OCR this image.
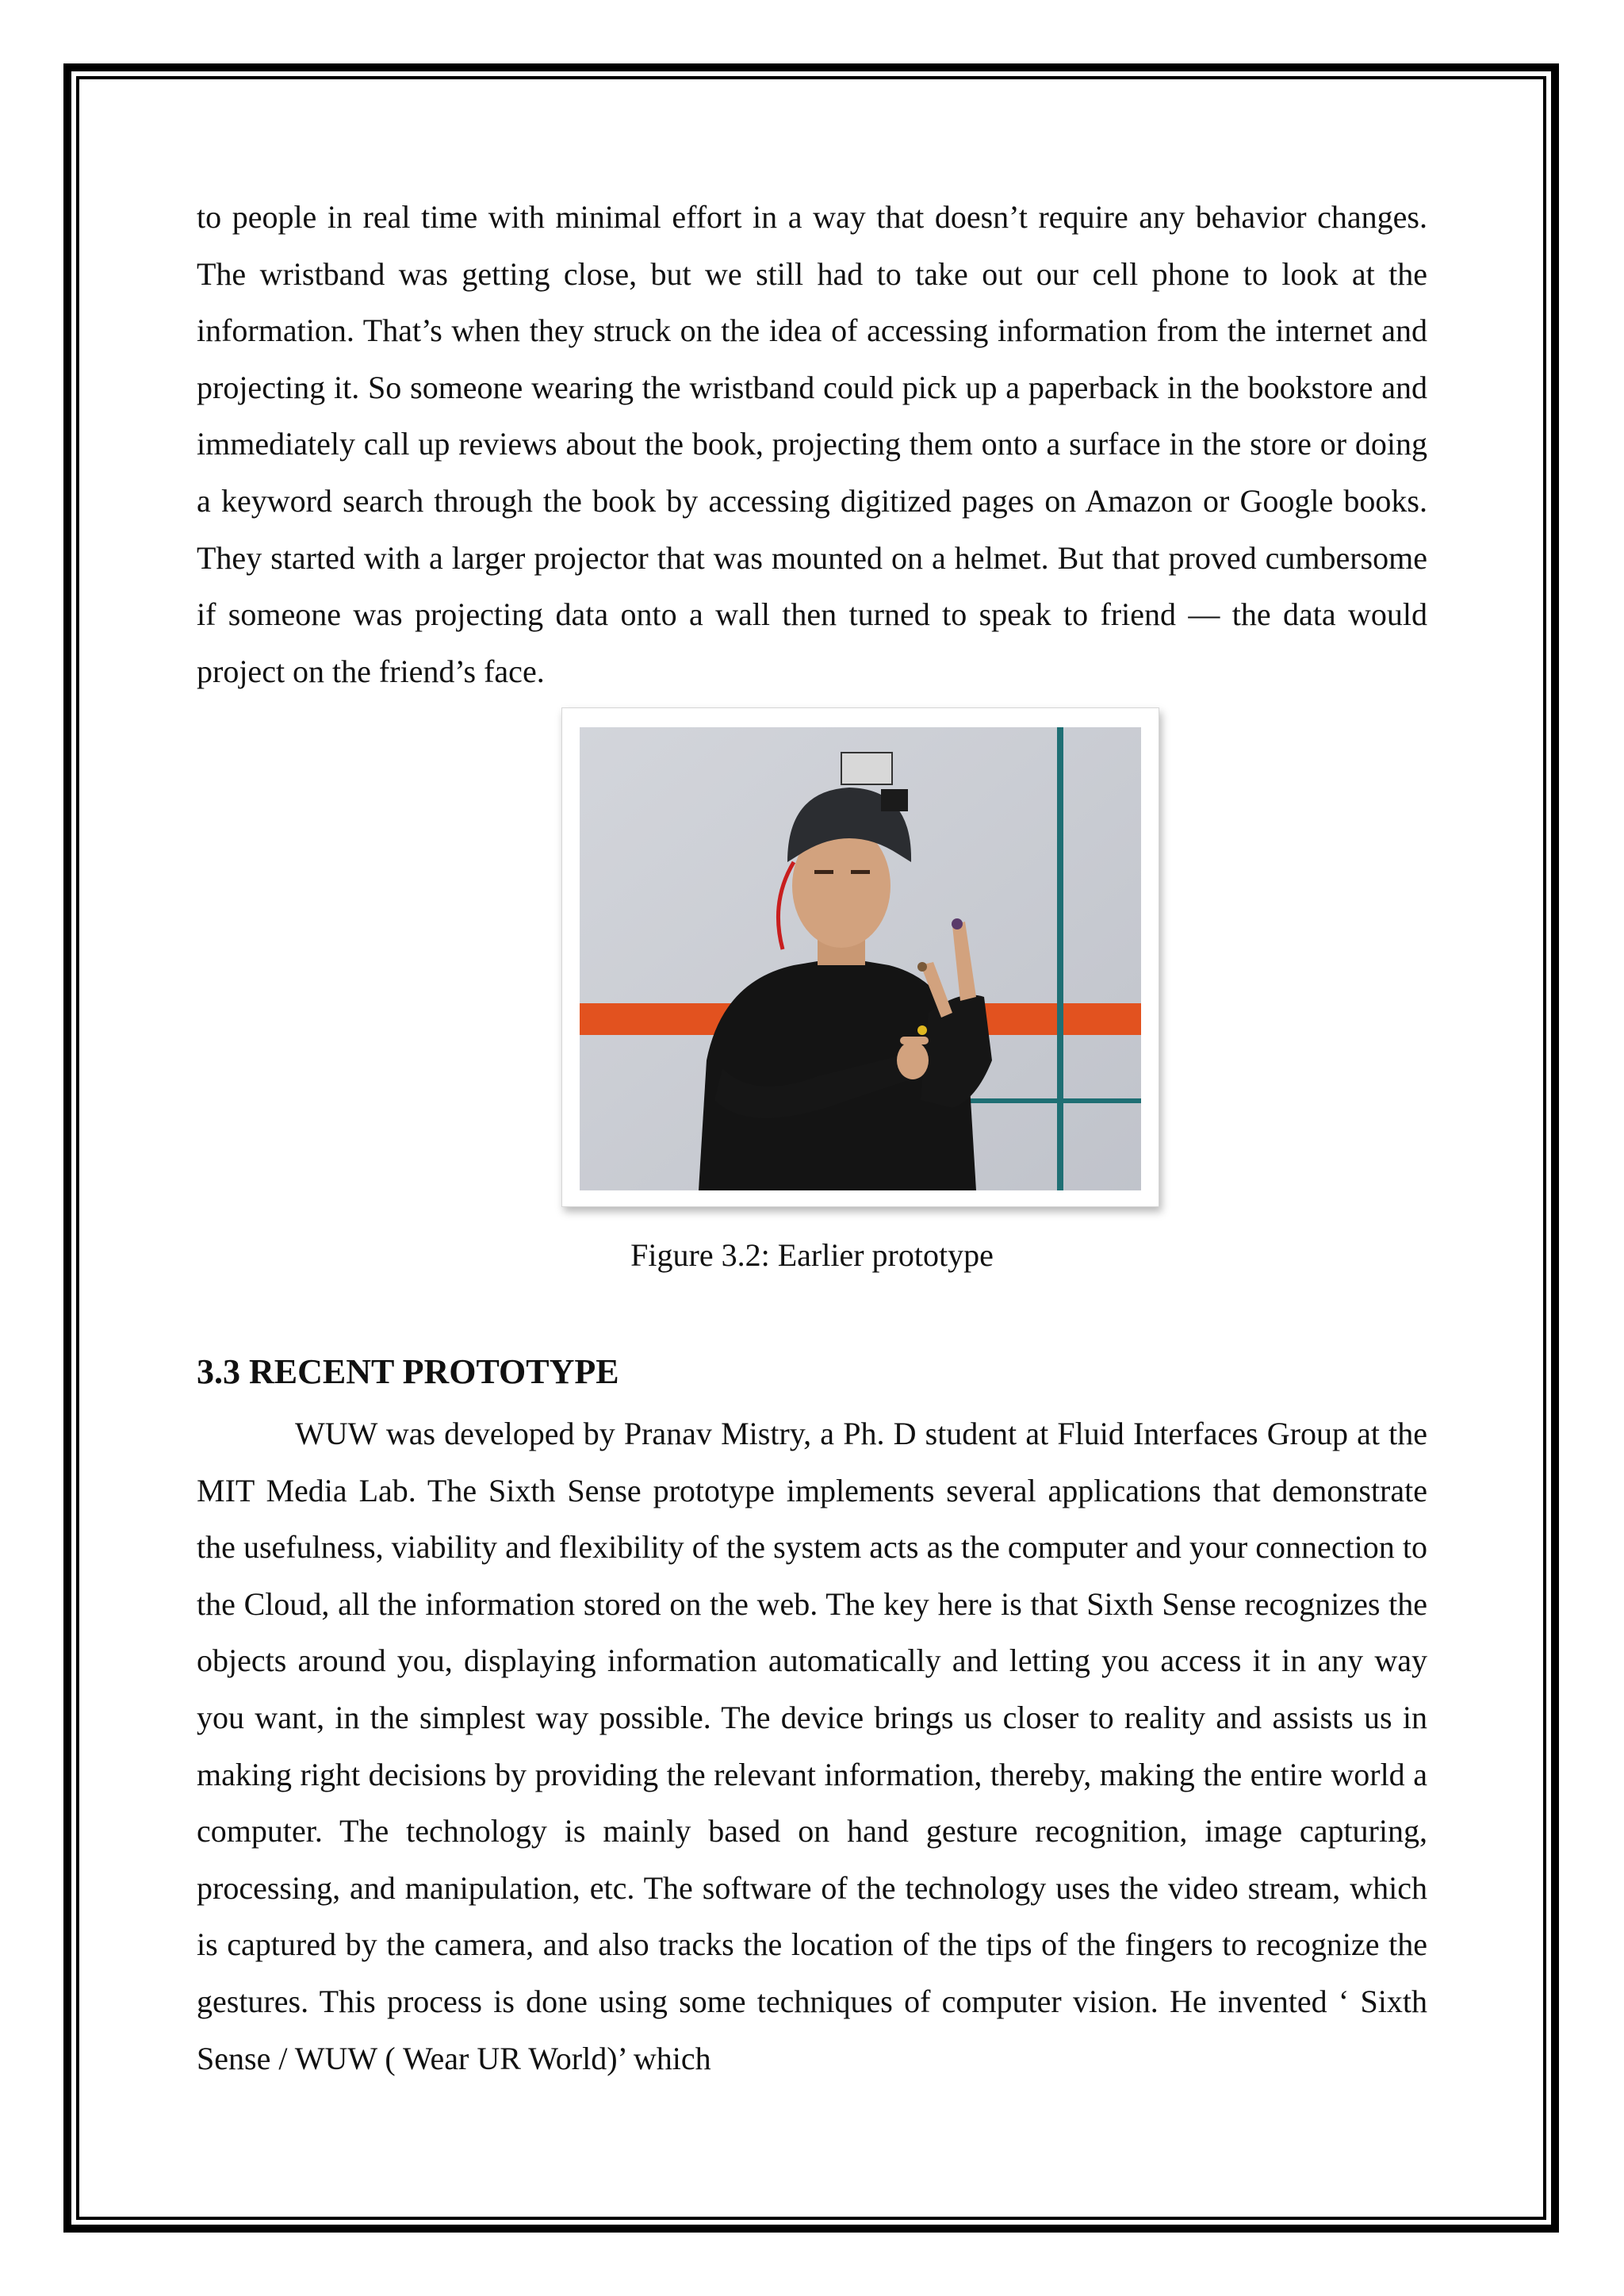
to people in real time with minimal effort in a way that doesn’t require any behavior changes. The wristband was getting close, but we still had to take out our cell phone to look at the information. That’s when they struck on the idea of accessing information from the internet and projecting it. So someone wearing the wristband could pick up a paperback in the bookstore and immediately call up reviews about the book, projecting them onto a surface in the store or doing a keyword search through the book by accessing digitized pages on Amazon or Google books. They started with a larger projector that was mounted on a helmet. But that proved cumbersome if someone was projecting data onto a wall then turned to speak to friend — the data would project on the friend’s face.

Figure 3.2: Earlier prototype

3.3 RECENT PROTOTYPE

WUW was developed by Pranav Mistry, a Ph. D student at Fluid Interfaces Group at the MIT Media Lab. The Sixth Sense prototype implements several applications that demonstrate the usefulness, viability and flexibility of the system acts as the computer and your connection to the Cloud, all the information stored on the web. The key here is that Sixth Sense recognizes the objects around you, displaying information automatically and letting you access it in any way you want, in the simplest way possible. The device brings us closer to reality and assists us in making right decisions by providing the relevant information, thereby, making the entire world a computer. The technology is mainly based on hand gesture recognition, image capturing, processing, and manipulation, etc. The software of the technology uses the video stream, which is captured by the camera, and also tracks the location of the tips of the fingers to recognize the gestures. This process is done using some techniques of computer vision. He invented ‘ Sixth Sense / WUW ( Wear UR World)’ which
